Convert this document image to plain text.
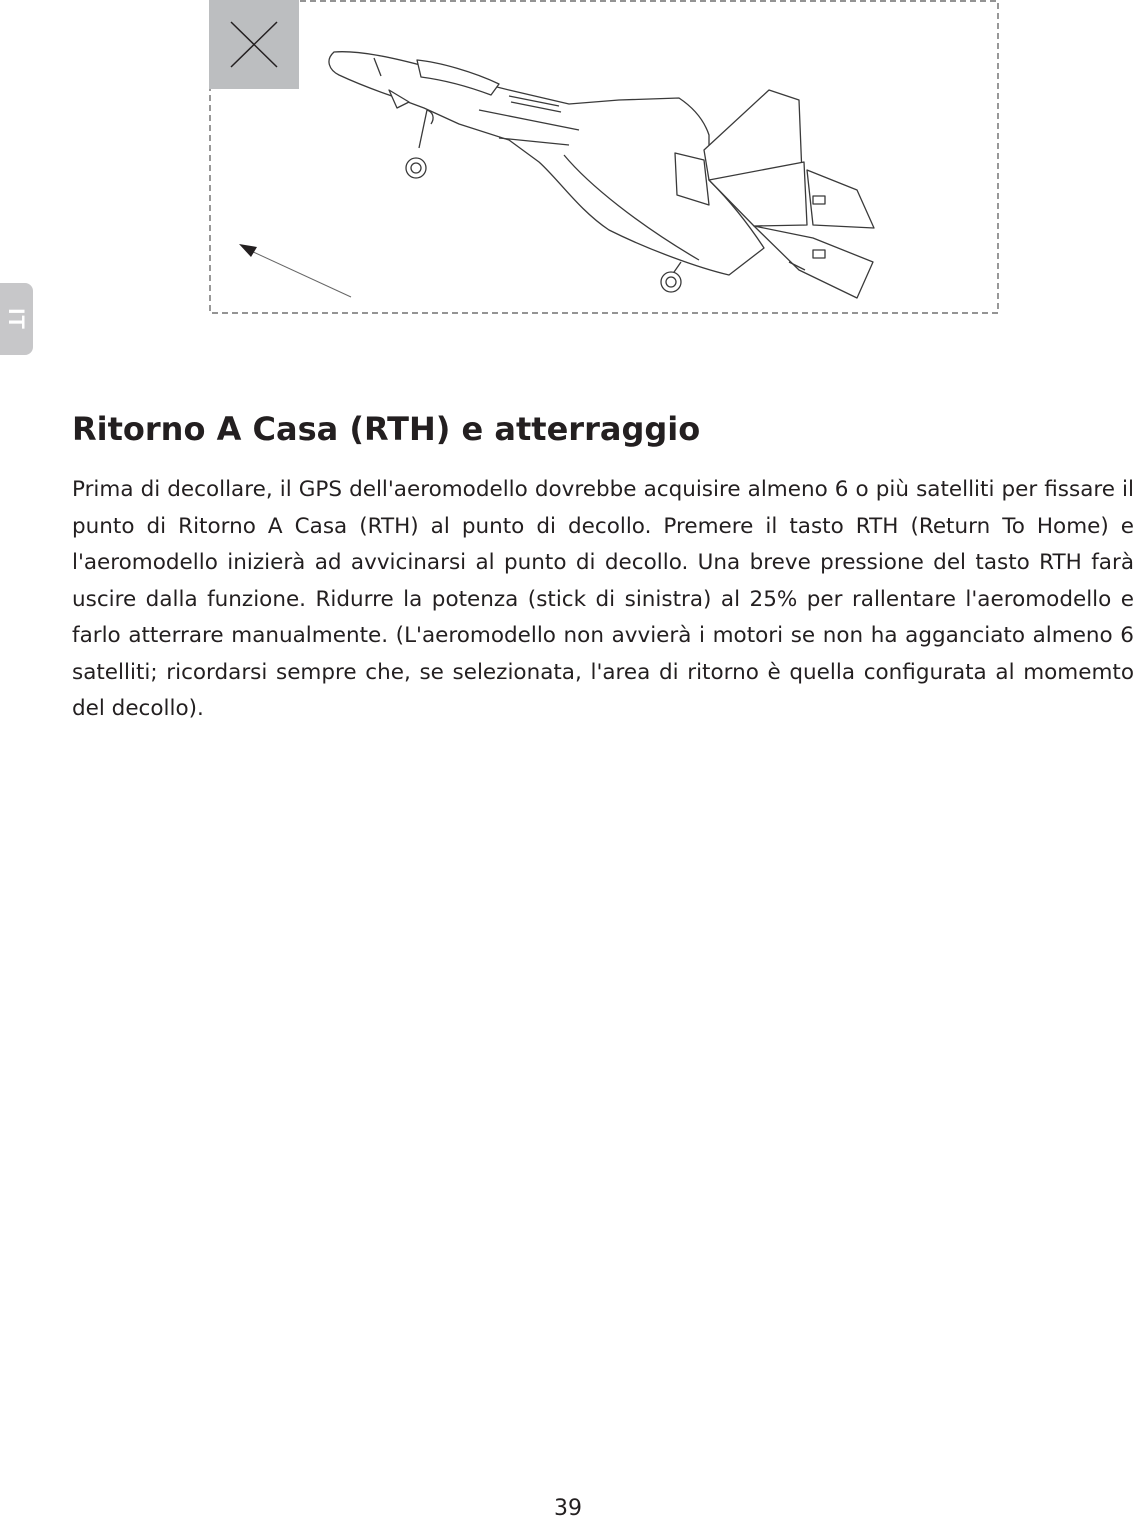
IT
Ritorno A Casa (RTH) e atterraggio

Prima di decollare, il GPS dell'aeromodello dovrebbe acquisire almeno 6 o più satelliti per fissare il punto di Ritorno A Casa (RTH) al punto di decollo. Premere il tasto RTH (Return To Home) e l'aeromodello inizierà ad avvicinarsi al punto di decollo. Una breve pressione del tasto RTH farà uscire dalla funzione. Ridurre la potenza (stick di sinistra) al 25% per rallentare l'aeromodello e farlo atterrare manualmente. (L'aeromodello non avvierà i motori se non ha agganciato almeno 6 satelliti; ricordarsi sempre che, se selezionata, l'area di ritorno è quella configurata al momemto del decollo).

39
